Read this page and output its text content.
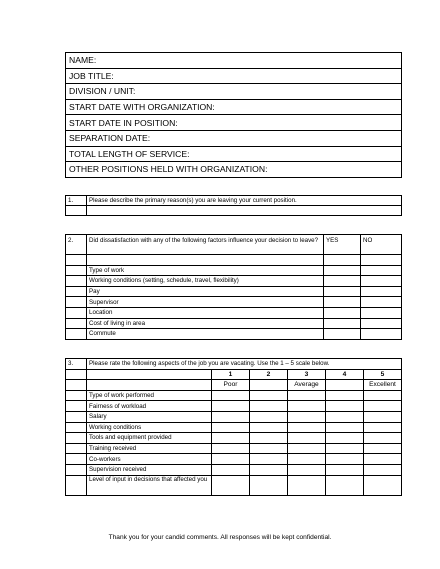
NAME:
JOB TITLE:
DIVISION / UNIT:
START DATE WITH ORGANIZATION:
START DATE IN POSITION:
SEPARATION DATE:
TOTAL LENGTH OF SERVICE:
OTHER POSITIONS HELD WITH ORGANIZATION:
1.	Please describe the primary reason(s) you are leaving your current position.

2.	Did dissatisfaction with any of the following factors influence your decision to leave?	YES	NO

	Type of work		
	Working conditions (setting, schedule, travel, flexibility)		
	Pay		
	Supervisor		
	Location		
	Cost of living in area		
	Commute		
3.	Please rate the following aspects of the job you are vacating. Use the 1 – 5 scale below.					
		1	2	3	4	5
		Poor		Average		Excellent
	Type of work performed					
	Fairness of workload					
	Salary					
	Working conditions					
	Tools and equipment provided					
	Training received					
	Co-workers					
	Supervision received					
	Level of input in decisions that affected you					
Thank you for your candid comments. All responses will be kept confidential.
